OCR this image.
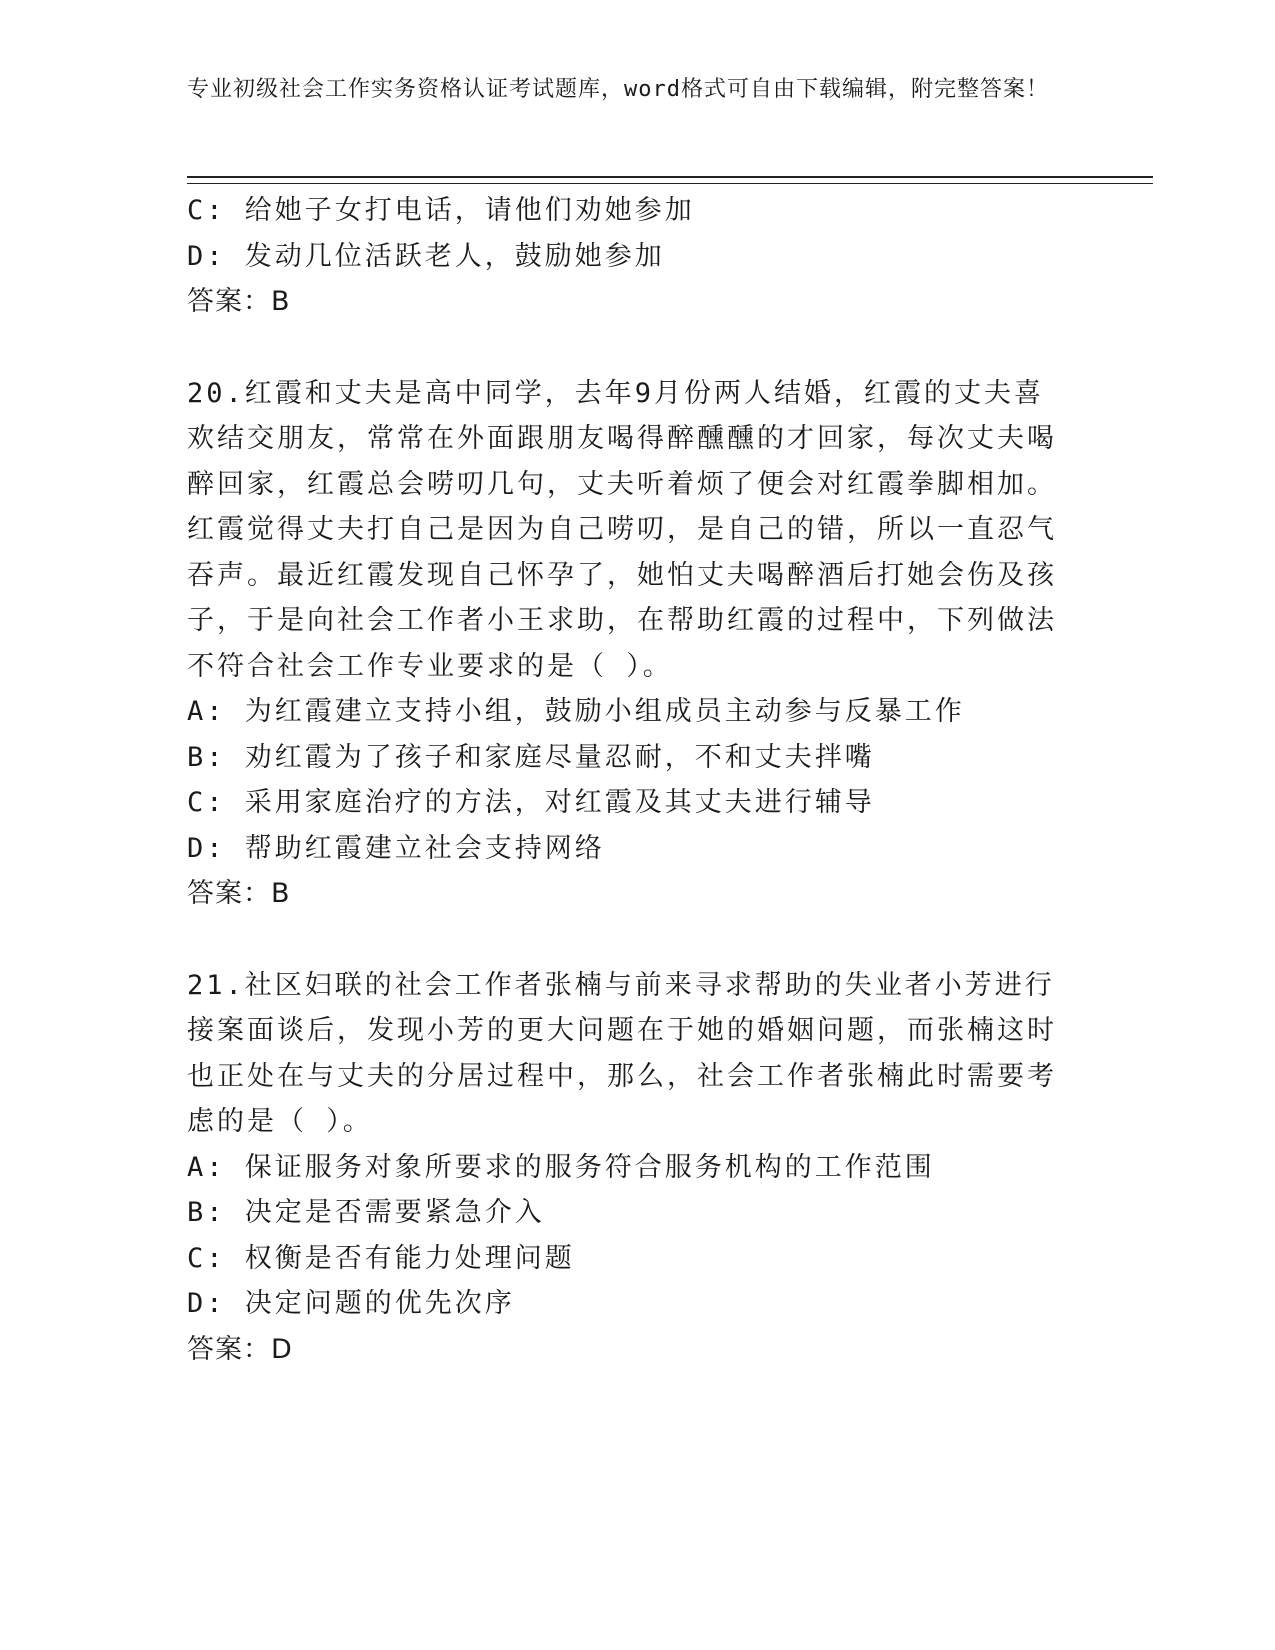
专业初级社会工作实务资格认证考试题库，word格式可自由下载编辑，附完整答案！
C: 给她子女打电话，请他们劝她参加
D: 发动几位活跃老人，鼓励她参加
答案：B
20.红霞和丈夫是高中同学，去年9月份两人结婚，红霞的丈夫喜欢结交朋友，常常在外面跟朋友喝得醉醺醺的才回家，每次丈夫喝醉回家，红霞总会唠叨几句，丈夫听着烦了便会对红霞拳脚相加。红霞觉得丈夫打自己是因为自己唠叨，是自己的错，所以一直忍气吞声。最近红霞发现自己怀孕了，她怕丈夫喝醉酒后打她会伤及孩子，于是向社会工作者小王求助，在帮助红霞的过程中，下列做法不符合社会工作专业要求的是（ ）。
A: 为红霞建立支持小组，鼓励小组成员主动参与反暴工作
B: 劝红霞为了孩子和家庭尽量忍耐，不和丈夫拌嘴
C: 采用家庭治疗的方法，对红霞及其丈夫进行辅导
D: 帮助红霞建立社会支持网络
答案：B
21.社区妇联的社会工作者张楠与前来寻求帮助的失业者小芳进行接案面谈后，发现小芳的更大问题在于她的婚姻问题，而张楠这时也正处在与丈夫的分居过程中，那么，社会工作者张楠此时需要考虑的是（ ）。
A: 保证服务对象所要求的服务符合服务机构的工作范围
B: 决定是否需要紧急介入
C: 权衡是否有能力处理问题
D: 决定问题的优先次序
答案：D
